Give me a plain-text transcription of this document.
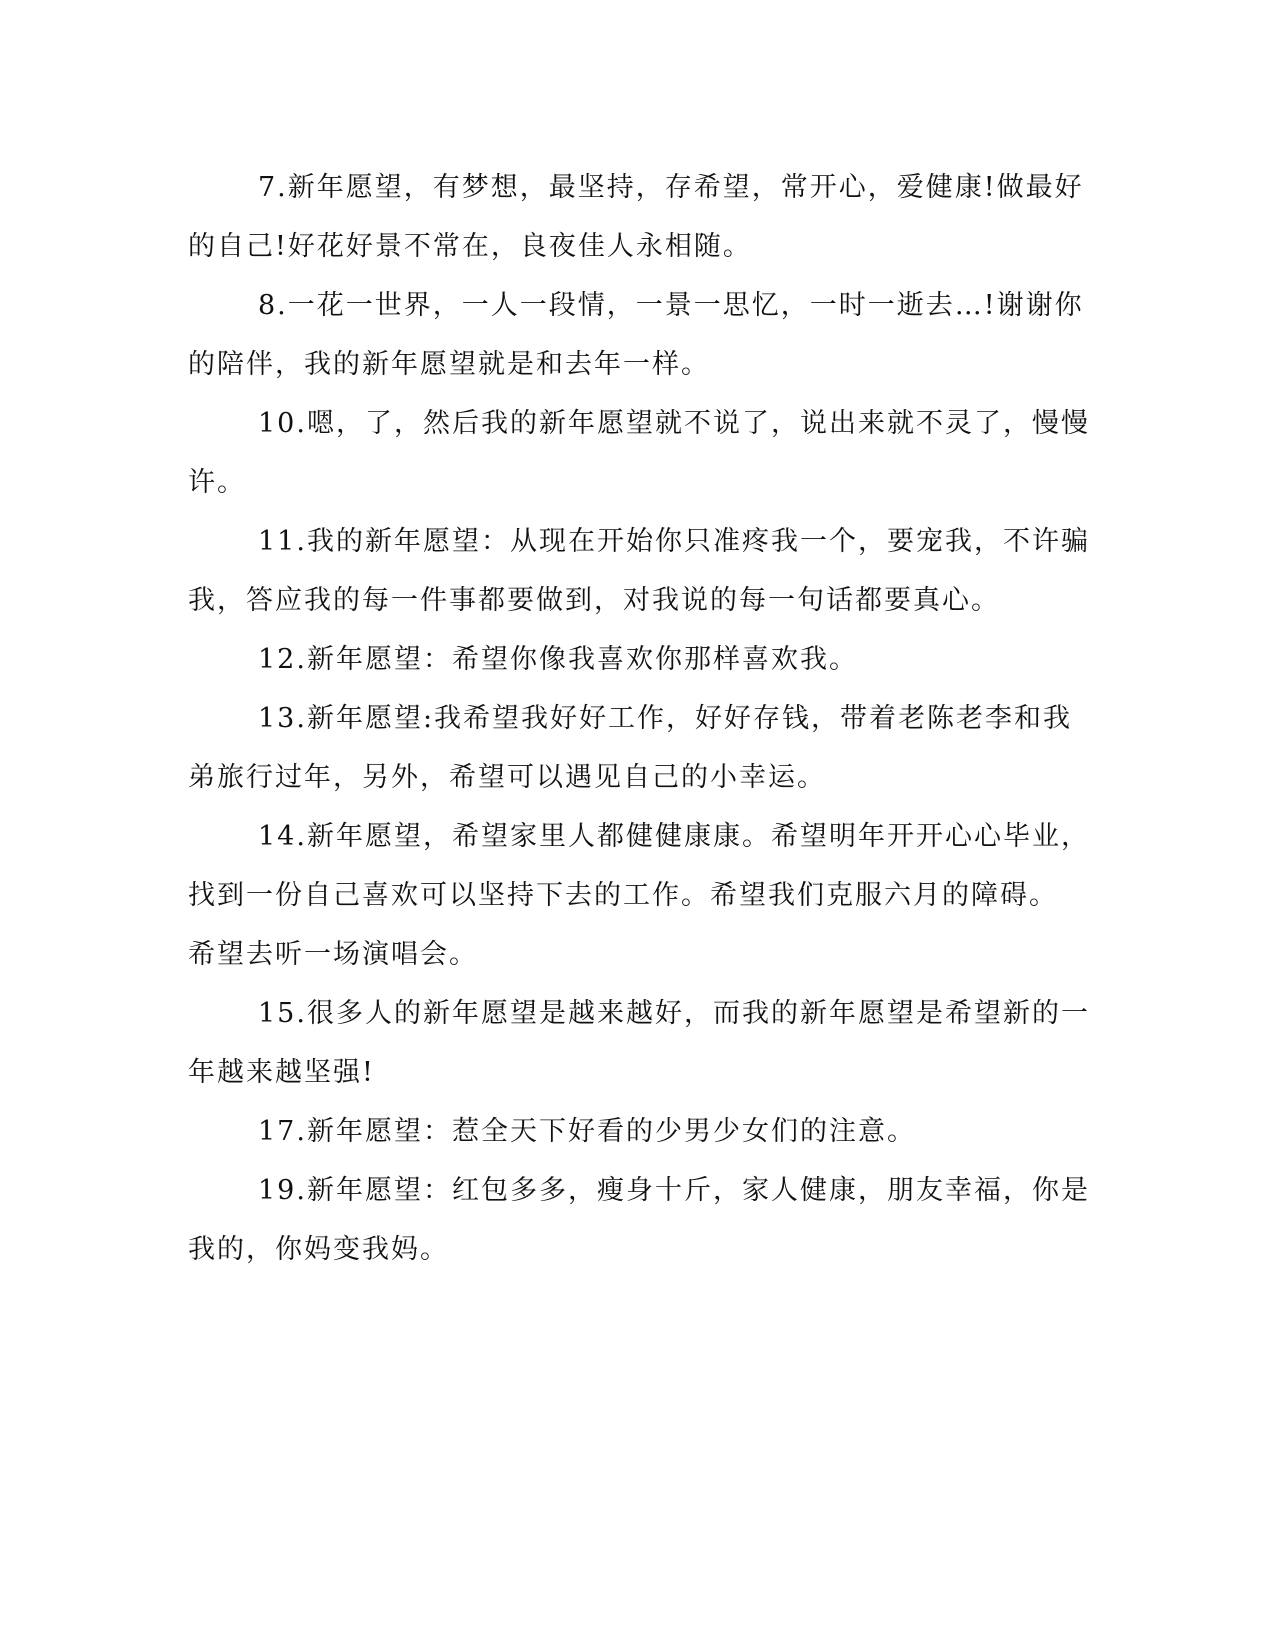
7.新年愿望，有梦想，最坚持，存希望，常开心，爱健康!做最好
的自己!好花好景不常在，良夜佳人永相随。
8.一花一世界，一人一段情，一景一思忆，一时一逝去…!谢谢你
的陪伴，我的新年愿望就是和去年一样。
10.嗯，了，然后我的新年愿望就不说了，说出来就不灵了，慢慢
许。
11.我的新年愿望：从现在开始你只准疼我一个，要宠我，不许骗
我，答应我的每一件事都要做到，对我说的每一句话都要真心。
12.新年愿望：希望你像我喜欢你那样喜欢我。
13.新年愿望:我希望我好好工作，好好存钱，带着老陈老李和我
弟旅行过年，另外，希望可以遇见自己的小幸运。
14.新年愿望，希望家里人都健健康康。希望明年开开心心毕业，
找到一份自己喜欢可以坚持下去的工作。希望我们克服六月的障碍。
希望去听一场演唱会。
15.很多人的新年愿望是越来越好，而我的新年愿望是希望新的一
年越来越坚强!
17.新年愿望：惹全天下好看的少男少女们的注意。
19.新年愿望：红包多多，瘦身十斤，家人健康，朋友幸福，你是
我的，你妈变我妈。
